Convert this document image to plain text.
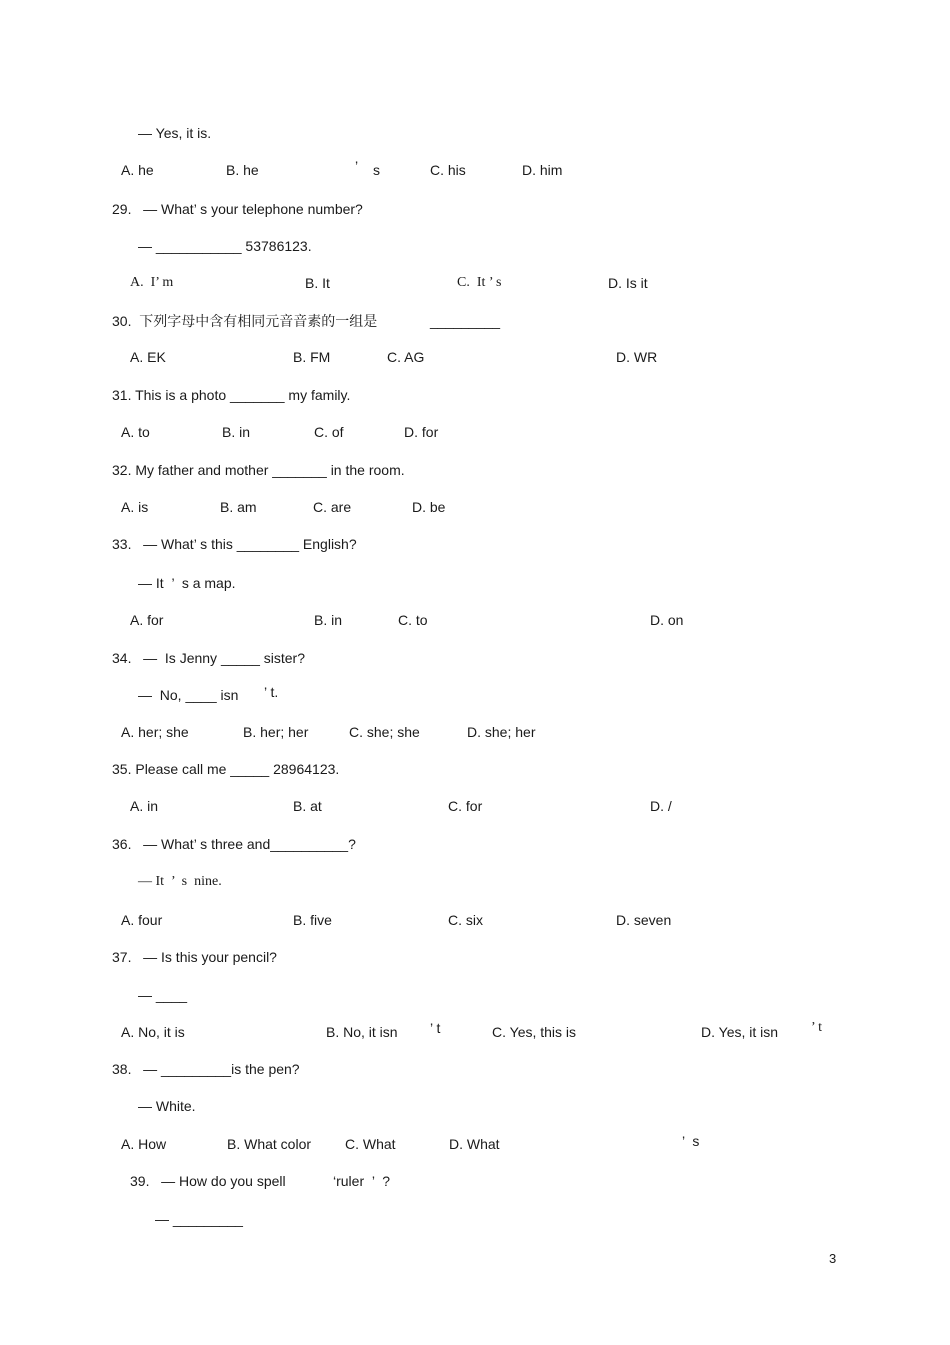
— Yes, it is.
A. he	B. he	’ s	C. his	D. him
29.   — What’ s your telephone number?
— ___________ 53786123.
A.  I’ m	B. It	C.  It ’ s	D. Is it
30.  下列字母中含有相同元音音素的一组是	_________
A. EK	B. FM	C. AG	D. WR
31. This is a photo _______ my family.
A. to	B. in	C. of	D. for
32. My father and mother _______ in the room.
A. is	B. am	C. are	D. be
33.   — What’ s this ________ English?
— It  ’  s a map.
A. for	B. in	C. to	D. on
34.   —  Is Jenny _____ sister?
—  No, ____ isn ’ t.
A. her; she	B. her; her	C. she; she	D. she; her
35. Please call me _____ 28964123.
A. in	B. at	C. for	D. /
36.   — What’ s three and__________?
— It  ’  s  nine.
A. four	B. five	C. six	D. seven
37.   — Is this your pencil?
— ____
A. No, it is	B. No, it isn ’ t	C. Yes, this is	D. Yes, it isn ’ t
38.   — _________is the pen?
— White.
A. How	B. What color C. What	D. What	’  s
39.   — How do you spell	‘ruler  ’  ?
— _________
3
